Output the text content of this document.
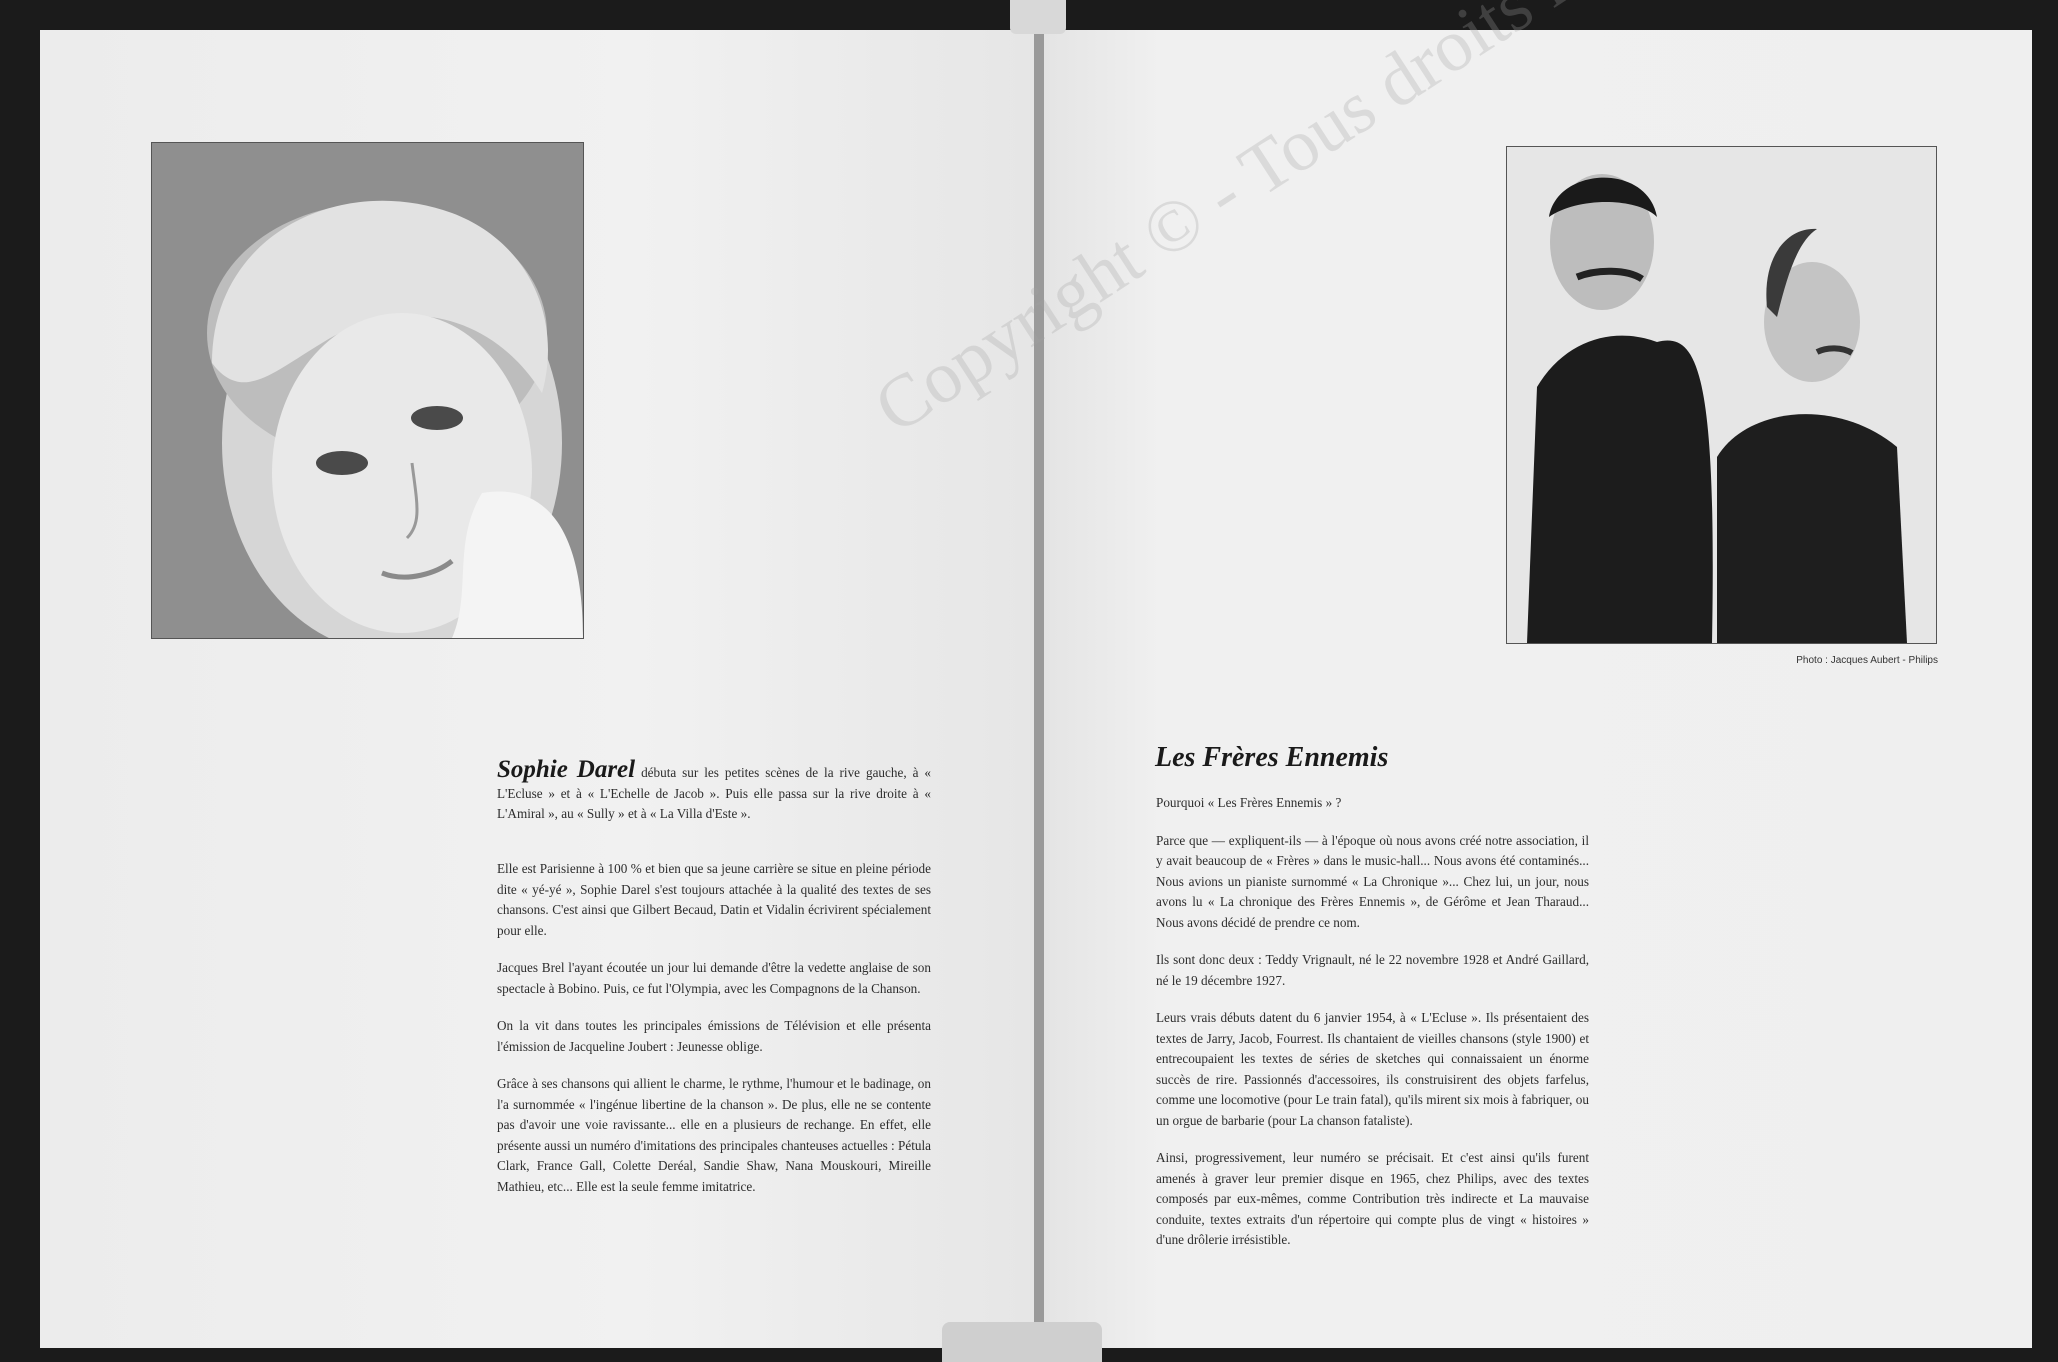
Photo : Jacques Aubert - Philips
Sophie Darel débuta sur les petites scènes de la rive gauche, à « L'Ecluse » et à « L'Echelle de Jacob ». Puis elle passa sur la rive droite à « L'Amiral », au « Sully » et à « La Villa d'Este ».

Elle est Parisienne à 100 % et bien que sa jeune carrière se situe en pleine période dite « yé-yé », Sophie Darel s'est toujours attachée à la qualité des textes de ses chansons. C'est ainsi que Gilbert Becaud, Datin et Vidalin écrivirent spécialement pour elle.

Jacques Brel l'ayant écoutée un jour lui demande d'être la vedette anglaise de son spectacle à Bobino. Puis, ce fut l'Olympia, avec les Compagnons de la Chanson.

On la vit dans toutes les principales émissions de Télévision et elle présenta l'émission de Jacqueline Joubert : Jeunesse oblige.

Grâce à ses chansons qui allient le charme, le rythme, l'humour et le badinage, on l'a surnommée « l'ingénue libertine de la chanson ». De plus, elle ne se contente pas d'avoir une voie ravissante... elle en a plusieurs de rechange. En effet, elle présente aussi un numéro d'imitations des principales chanteuses actuelles : Pétula Clark, France Gall, Colette Deréal, Sandie Shaw, Nana Mouskouri, Mireille Mathieu, etc... Elle est la seule femme imitatrice.

Les Frères Ennemis

Pourquoi « Les Frères Ennemis » ?

Parce que — expliquent-ils — à l'époque où nous avons créé notre association, il y avait beaucoup de « Frères » dans le music-hall... Nous avons été contaminés... Nous avions un pianiste surnommé « La Chronique »... Chez lui, un jour, nous avons lu « La chronique des Frères Ennemis », de Gérôme et Jean Tharaud... Nous avons décidé de prendre ce nom.

Ils sont donc deux : Teddy Vrignault, né le 22 novembre 1928 et André Gaillard, né le 19 décembre 1927.

Leurs vrais débuts datent du 6 janvier 1954, à « L'Ecluse ». Ils présentaient des textes de Jarry, Jacob, Fourrest. Ils chantaient de vieilles chansons (style 1900) et entrecoupaient les textes de séries de sketches qui connaissaient un énorme succès de rire. Passionnés d'accessoires, ils construisirent des objets farfelus, comme une locomotive (pour Le train fatal), qu'ils mirent six mois à fabriquer, ou un orgue de barbarie (pour La chanson fataliste).

Ainsi, progressivement, leur numéro se précisait. Et c'est ainsi qu'ils furent amenés à graver leur premier disque en 1965, chez Philips, avec des textes composés par eux-mêmes, comme Contribution très indirecte et La mauvaise conduite, textes extraits d'un répertoire qui compte plus de vingt « histoires » d'une drôlerie irrésistible.

Copyright © - Tous droits
